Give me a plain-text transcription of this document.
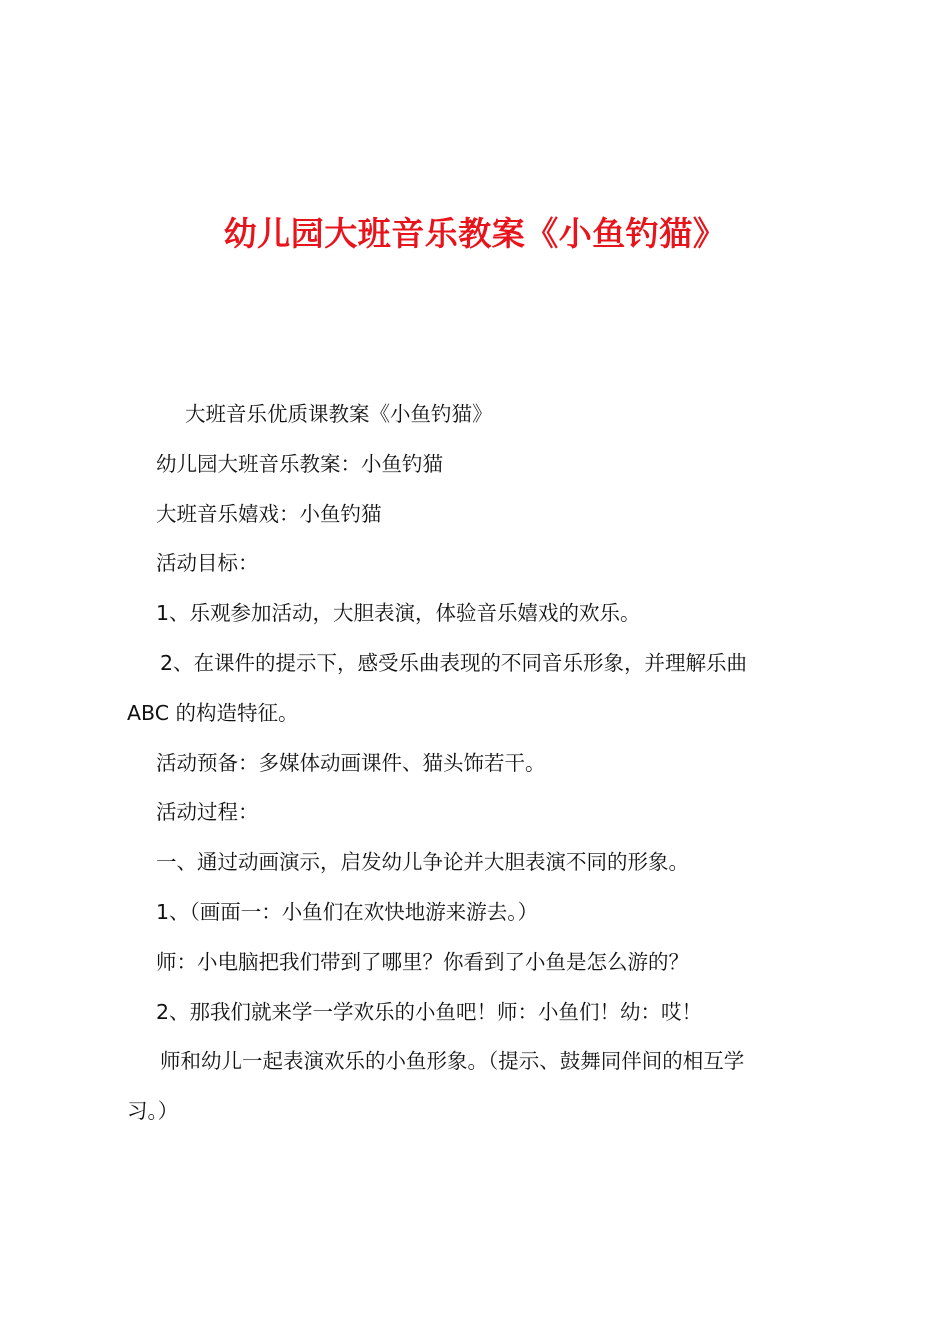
幼儿园大班音乐教案《小鱼钓猫》
大班音乐优质课教案《小鱼钓猫》
幼儿园大班音乐教案：小鱼钓猫
大班音乐嬉戏：小鱼钓猫
活动目标：
1、乐观参加活动，大胆表演，体验音乐嬉戏的欢乐。
2、在课件的提示下，感受乐曲表现的不同音乐形象，并理解乐曲
ABC 的构造特征。
活动预备：多媒体动画课件、猫头饰若干。
活动过程：
一、通过动画演示，启发幼儿争论并大胆表演不同的形象。
1、（画面一：小鱼们在欢快地游来游去。）
师：小电脑把我们带到了哪里？你看到了小鱼是怎么游的？
2、那我们就来学一学欢乐的小鱼吧！师：小鱼们！幼：哎！
师和幼儿一起表演欢乐的小鱼形象。（提示、鼓舞同伴间的相互学
习。）
